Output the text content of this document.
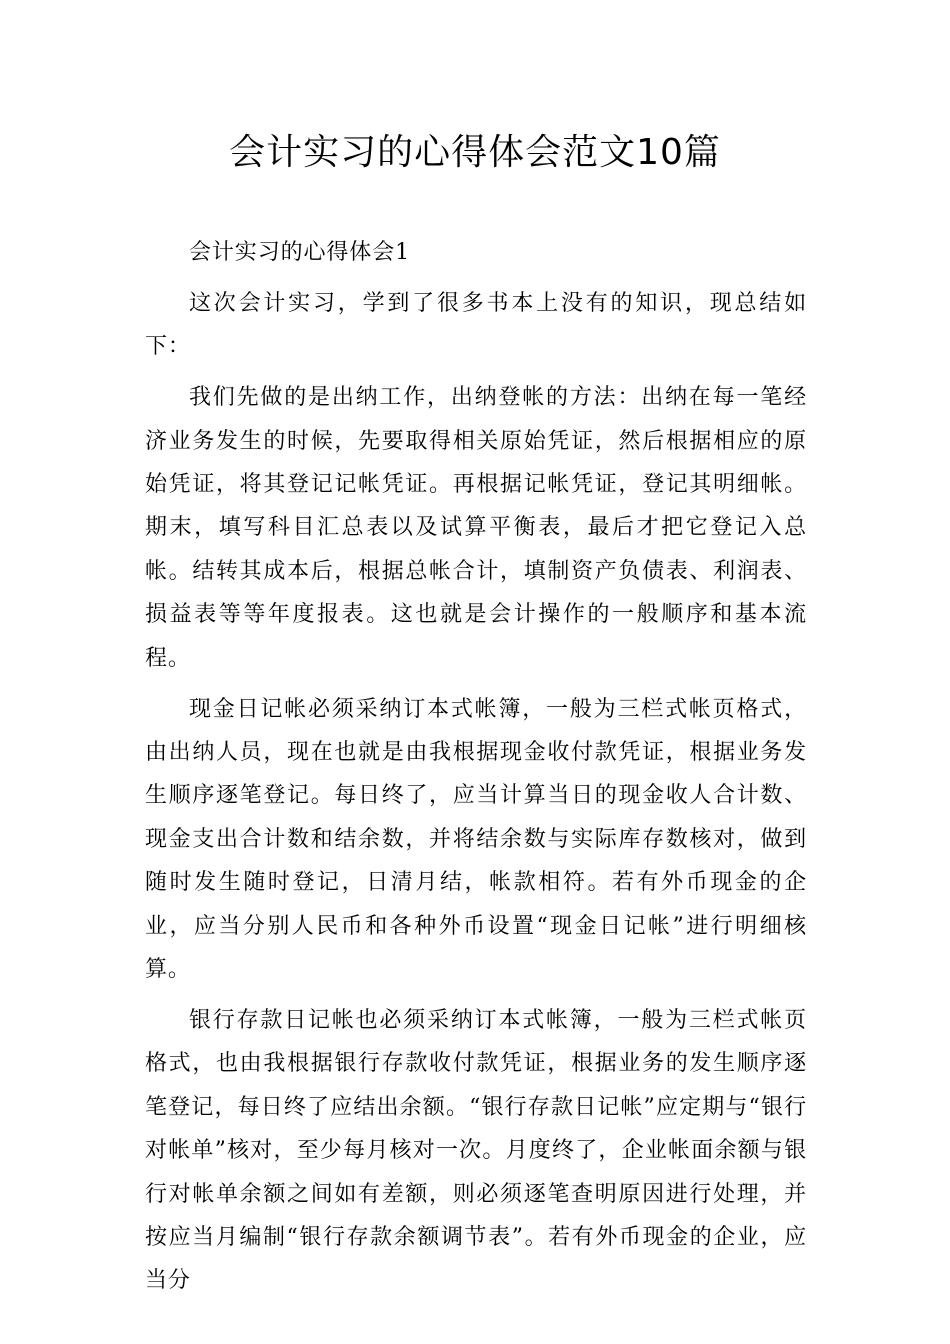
会计实习的心得体会范文10篇

会计实习的心得体会1

这次会计实习，学到了很多书本上没有的知识，现总结如下：

我们先做的是出纳工作，出纳登帐的方法：出纳在每一笔经济业务发生的时候，先要取得相关原始凭证，然后根据相应的原始凭证，将其登记记帐凭证。再根据记帐凭证，登记其明细帐。期末，填写科目汇总表以及试算平衡表，最后才把它登记入总帐。结转其成本后，根据总帐合计，填制资产负债表、利润表、损益表等等年度报表。这也就是会计操作的一般顺序和基本流程。

现金日记帐必须采纳订本式帐簿，一般为三栏式帐页格式，由出纳人员，现在也就是由我根据现金收付款凭证，根据业务发生顺序逐笔登记。每日终了，应当计算当日的现金收人合计数、现金支出合计数和结余数，并将结余数与实际库存数核对，做到随时发生随时登记，日清月结，帐款相符。若有外币现金的企业，应当分别人民币和各种外币设置“现金日记帐”进行明细核算。

银行存款日记帐也必须采纳订本式帐簿，一般为三栏式帐页格式，也由我根据银行存款收付款凭证，根据业务的发生顺序逐笔登记，每日终了应结出余额。“银行存款日记帐”应定期与“银行对帐单”核对，至少每月核对一次。月度终了，企业帐面余额与银行对帐单余额之间如有差额，则必须逐笔查明原因进行处理，并按应当月编制“银行存款余额调节表”。若有外币现金的企业，应当分
